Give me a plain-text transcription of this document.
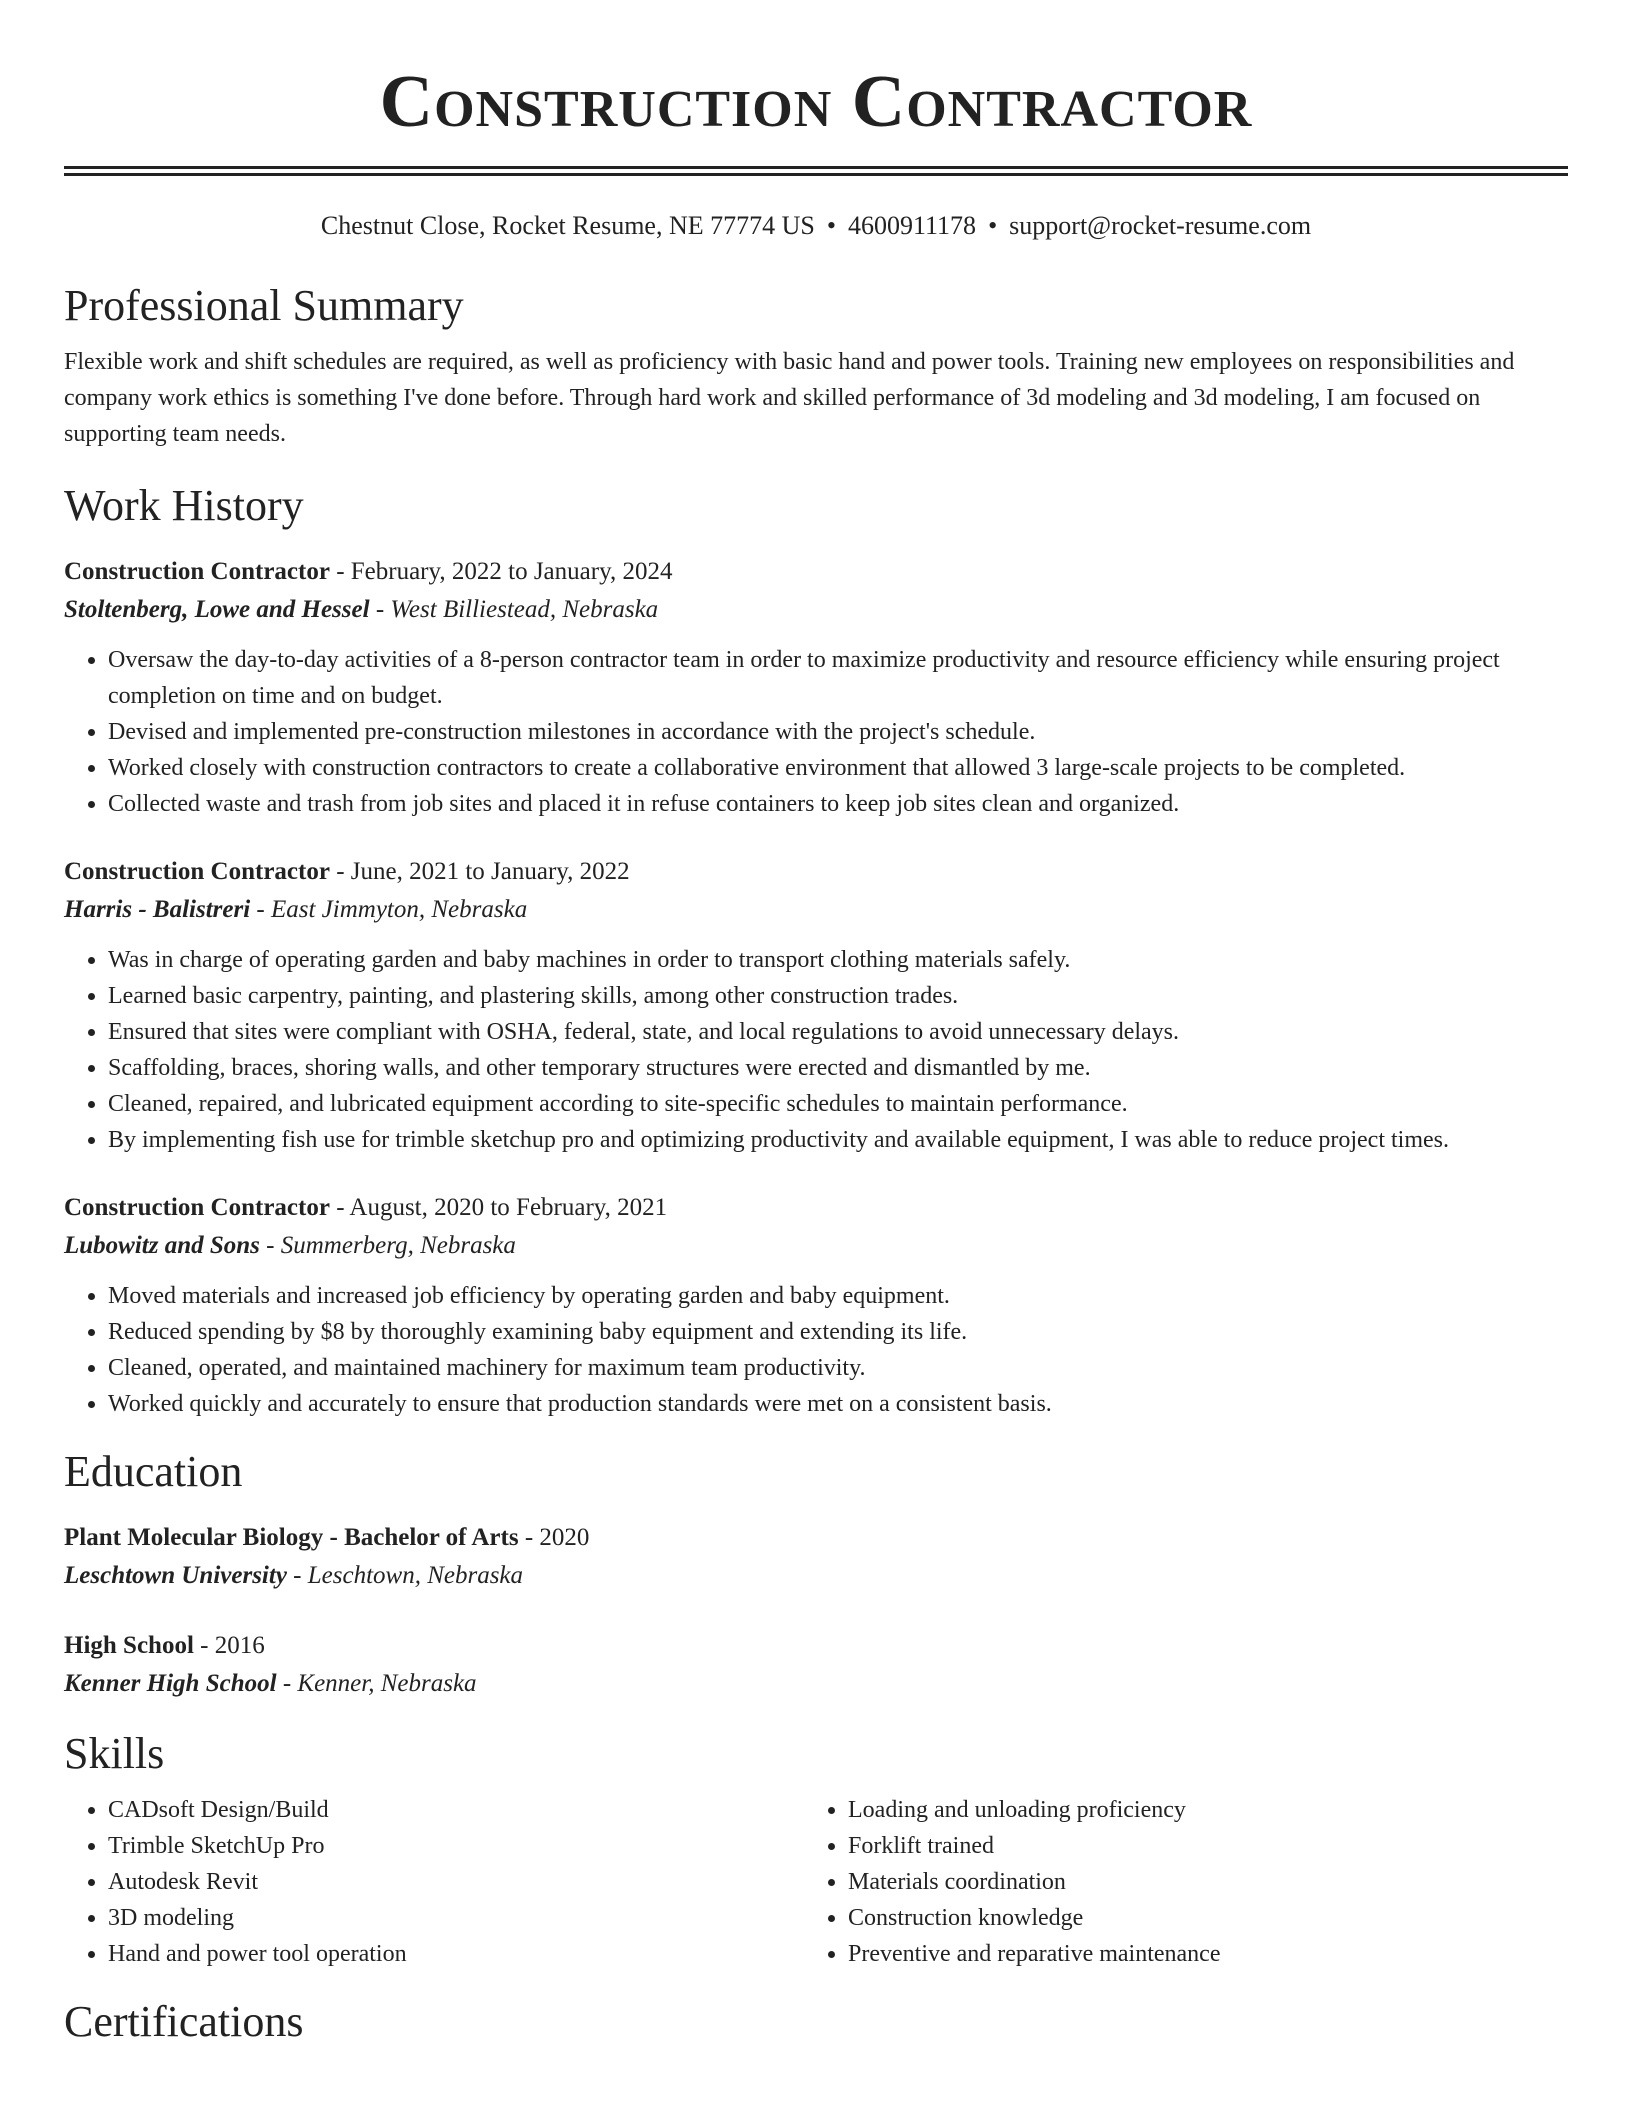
Construction Contractor
Chestnut Close, Rocket Resume, NE 77774 US • 4600911178 • support@rocket-resume.com
Professional Summary
Flexible work and shift schedules are required, as well as proficiency with basic hand and power tools. Training new employees on responsibilities and company work ethics is something I've done before. Through hard work and skilled performance of 3d modeling and 3d modeling, I am focused on supporting team needs.
Work History
Construction Contractor - February, 2022 to January, 2024
Stoltenberg, Lowe and Hessel - West Billiestead, Nebraska
• Oversaw the day-to-day activities of a 8-person contractor team in order to maximize productivity and resource efficiency while ensuring project completion on time and on budget.
• Devised and implemented pre-construction milestones in accordance with the project's schedule.
• Worked closely with construction contractors to create a collaborative environment that allowed 3 large-scale projects to be completed.
• Collected waste and trash from job sites and placed it in refuse containers to keep job sites clean and organized.
Construction Contractor - June, 2021 to January, 2022
Harris - Balistreri - East Jimmyton, Nebraska
• Was in charge of operating garden and baby machines in order to transport clothing materials safely.
• Learned basic carpentry, painting, and plastering skills, among other construction trades.
• Ensured that sites were compliant with OSHA, federal, state, and local regulations to avoid unnecessary delays.
• Scaffolding, braces, shoring walls, and other temporary structures were erected and dismantled by me.
• Cleaned, repaired, and lubricated equipment according to site-specific schedules to maintain performance.
• By implementing fish use for trimble sketchup pro and optimizing productivity and available equipment, I was able to reduce project times.
Construction Contractor - August, 2020 to February, 2021
Lubowitz and Sons - Summerberg, Nebraska
• Moved materials and increased job efficiency by operating garden and baby equipment.
• Reduced spending by $8 by thoroughly examining baby equipment and extending its life.
• Cleaned, operated, and maintained machinery for maximum team productivity.
• Worked quickly and accurately to ensure that production standards were met on a consistent basis.
Education
Plant Molecular Biology - Bachelor of Arts - 2020
Leschtown University - Leschtown, Nebraska
High School - 2016
Kenner High School - Kenner, Nebraska
Skills
• CADsoft Design/Build
• Trimble SketchUp Pro
• Autodesk Revit
• 3D modeling
• Hand and power tool operation
• Loading and unloading proficiency
• Forklift trained
• Materials coordination
• Construction knowledge
• Preventive and reparative maintenance
Certifications
